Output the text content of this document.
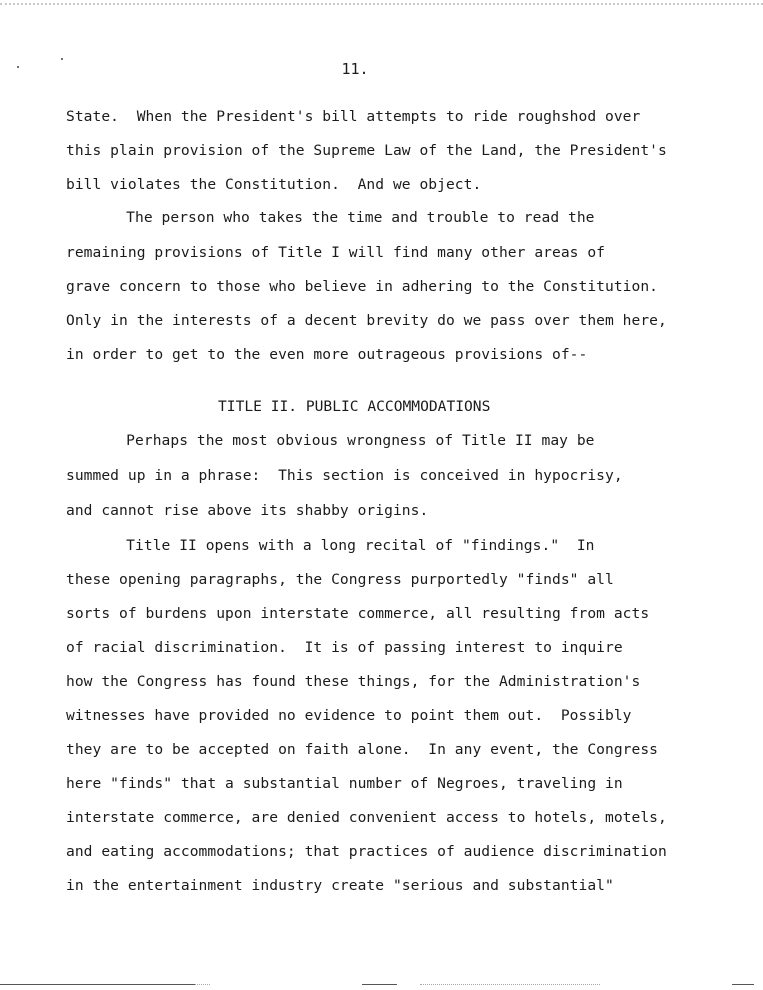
11.
State.  When the President's bill attempts to ride roughshod over
this plain provision of the Supreme Law of the Land, the President's
bill violates the Constitution.  And we object.
The person who takes the time and trouble to read the
remaining provisions of Title I will find many other areas of
grave concern to those who believe in adhering to the Constitution.
Only in the interests of a decent brevity do we pass over them here,
in order to get to the even more outrageous provisions of--
TITLE II. PUBLIC ACCOMMODATIONS
Perhaps the most obvious wrongness of Title II may be
summed up in a phrase:  This section is conceived in hypocrisy,
and cannot rise above its shabby origins.
Title II opens with a long recital of "findings."  In
these opening paragraphs, the Congress purportedly "finds" all
sorts of burdens upon interstate commerce, all resulting from acts
of racial discrimination.  It is of passing interest to inquire
how the Congress has found these things, for the Administration's
witnesses have provided no evidence to point them out.  Possibly
they are to be accepted on faith alone.  In any event, the Congress
here "finds" that a substantial number of Negroes, traveling in
interstate commerce, are denied convenient access to hotels, motels,
and eating accommodations; that practices of audience discrimination
in the entertainment industry create "serious and substantial"
